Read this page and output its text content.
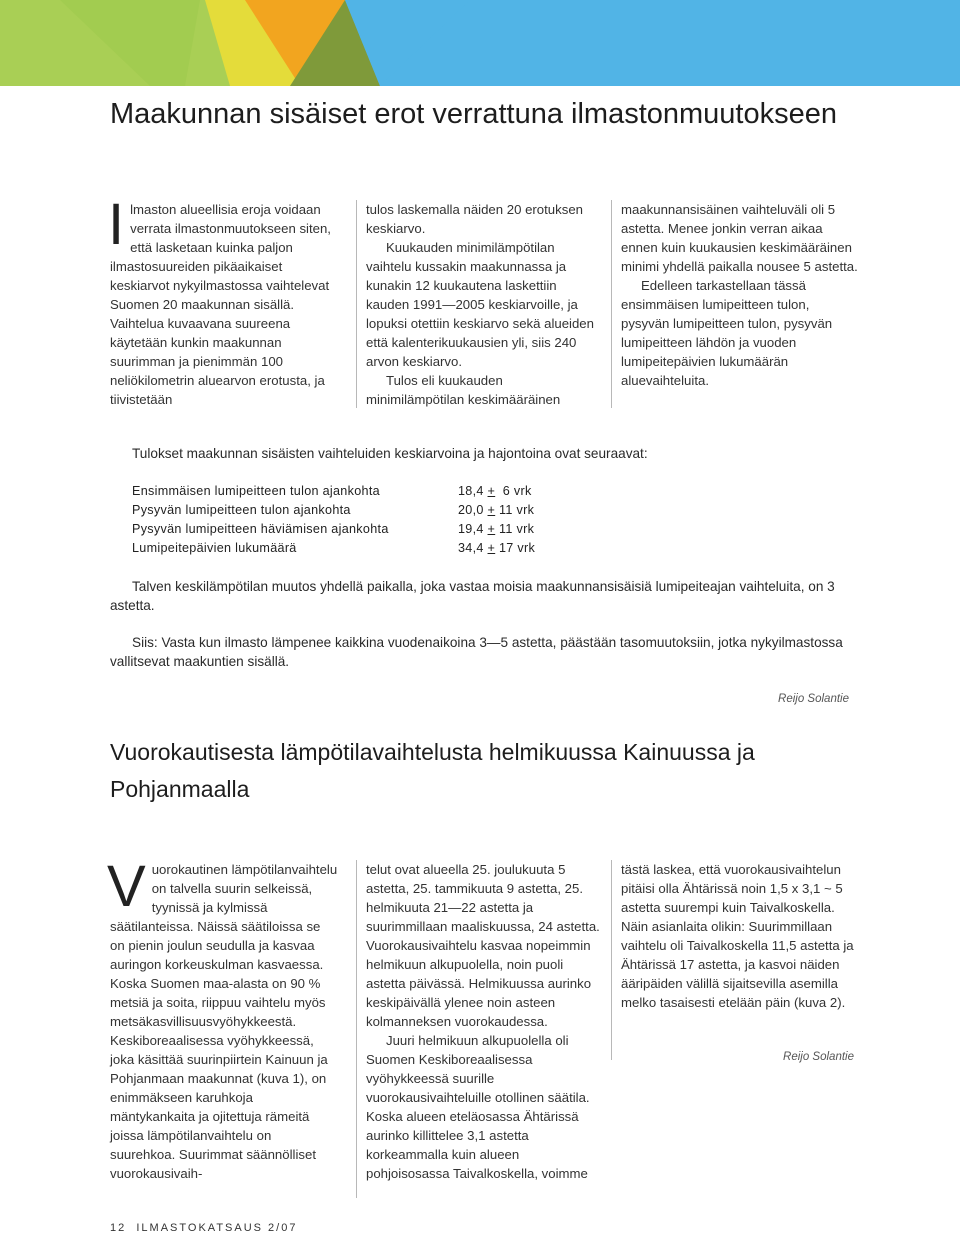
Maakunnan sisäiset erot verrattuna ilmastonmuutokseen

Ilmaston alueellisia eroja voidaan verrata ilmastonmuutokseen siten, että lasketaan kuinka paljon ilmastosuureiden pikäaikaiset keskiarvot nykyilmastossa vaihtelevat Suomen 20 maakunnan sisällä. Vaihtelua kuvaavana suureena käytetään kunkin maakunnan suurimman ja pienimmän 100 neliökilometrin aluearvon erotusta, ja tiivistetään

tulos laskemalla näiden 20 erotuksen keskiarvo.

Kuukauden minimilämpötilan vaihtelu kussakin maakunnassa ja kunakin 12 kuukautena laskettiin kauden 1991—2005 keskiarvoille, ja lopuksi otettiin keskiarvo sekä alueiden että kalenterikuukausien yli, siis 240 arvon keskiarvo.

Tulos eli kuukauden minimilämpötilan keskimääräinen

maakunnansisäinen vaihteluväli oli 5 astetta. Menee jonkin verran aikaa ennen kuin kuukausien keskimääräinen minimi yhdellä paikalla nousee 5 astetta.

Edelleen tarkastellaan tässä ensimmäisen lumipeitteen tulon, pysyvän lumipeitteen tulon, pysyvän lumipeitteen lähdön ja vuoden lumipeitepäivien lukumäärän aluevaihteluita.

Tulokset maakunnan sisäisten vaihteluiden keskiarvoina ja hajontoina ovat seuraavat:

Ensimmäisen lumipeitteen tulon ajankohta	18,4 +  6 vrk
Pysyvän lumipeitteen tulon ajankohta	20,0 + 11 vrk
Pysyvän lumipeitteen häviämisen ajankohta	19,4 + 11 vrk
Lumipeitepäivien lukumäärä	34,4 + 17 vrk

Talven keskilämpötilan muutos yhdellä paikalla, joka vastaa moisia maakunnansisäisiä lumipeiteajan vaihteluita, on 3 astetta.

Siis: Vasta kun ilmasto lämpenee kaikkina vuodenaikoina 3—5 astetta, päästään tasomuutoksiin, jotka nykyilmastossa vallitsevat maakuntien sisällä.

Reijo Solantie
Vuorokautisesta lämpötilavaihtelusta helmikuussa Kainuussa ja Pohjanmaalla

Vuorokautinen lämpötilanvaihtelu on talvella suurin selkeissä, tyynissä ja kylmissä säätilanteissa. Näissä säätiloissa se on pienin joulun seudulla ja kasvaa auringon korkeuskulman kasvaessa. Koska Suomen maa-alasta on 90 % metsiä ja soita, riippuu vaihtelu myös metsäkasvillisuusvyöhykkeestä. Keskiboreaalisessa vyöhykkeessä, joka käsittää suurinpiirtein Kainuun ja Pohjanmaan maakunnat (kuva 1), on enimmäkseen karuhkoja mäntykankaita ja ojitettuja rämeitä joissa lämpötilanvaihtelu on suurehkoa. Suurimmat säännölliset vuorokausivaih-

telut ovat alueella 25. joulukuuta 5 astetta, 25. tammikuuta 9 astetta, 25. helmikuuta 21—22 astetta ja suurimmillaan maaliskuussa, 24 astetta. Vuorokausivaihtelu kasvaa nopeimmin helmikuun alkupuolella, noin puoli astetta päivässä. Helmikuussa aurinko keskipäivällä ylenee noin asteen kolmanneksen vuorokaudessa.

Juuri helmikuun alkupuolella oli Suomen Keskiboreaalisessa vyöhykkeessä suurille vuorokausivaihteluille otollinen säätila. Koska alueen eteläosassa Ähtärissä aurinko killittelee 3,1 astetta korkeammalla kuin alueen pohjoisosassa Taivalkoskella, voimme

tästä laskea, että vuorokausivaihtelun pitäisi olla Ähtärissä noin 1,5 x 3,1 ~ 5 astetta suurempi kuin Taivalkoskella. Näin asianlaita olikin: Suurimmillaan vaihtelu oli Taivalkoskella 11,5 astetta ja Ähtärissä 17 astetta, ja kasvoi näiden ääripäiden välillä sijaitsevilla asemilla melko tasaisesti etelään päin (kuva 2).

Reijo Solantie
12 ILMASTOKATSAUS 2/07
